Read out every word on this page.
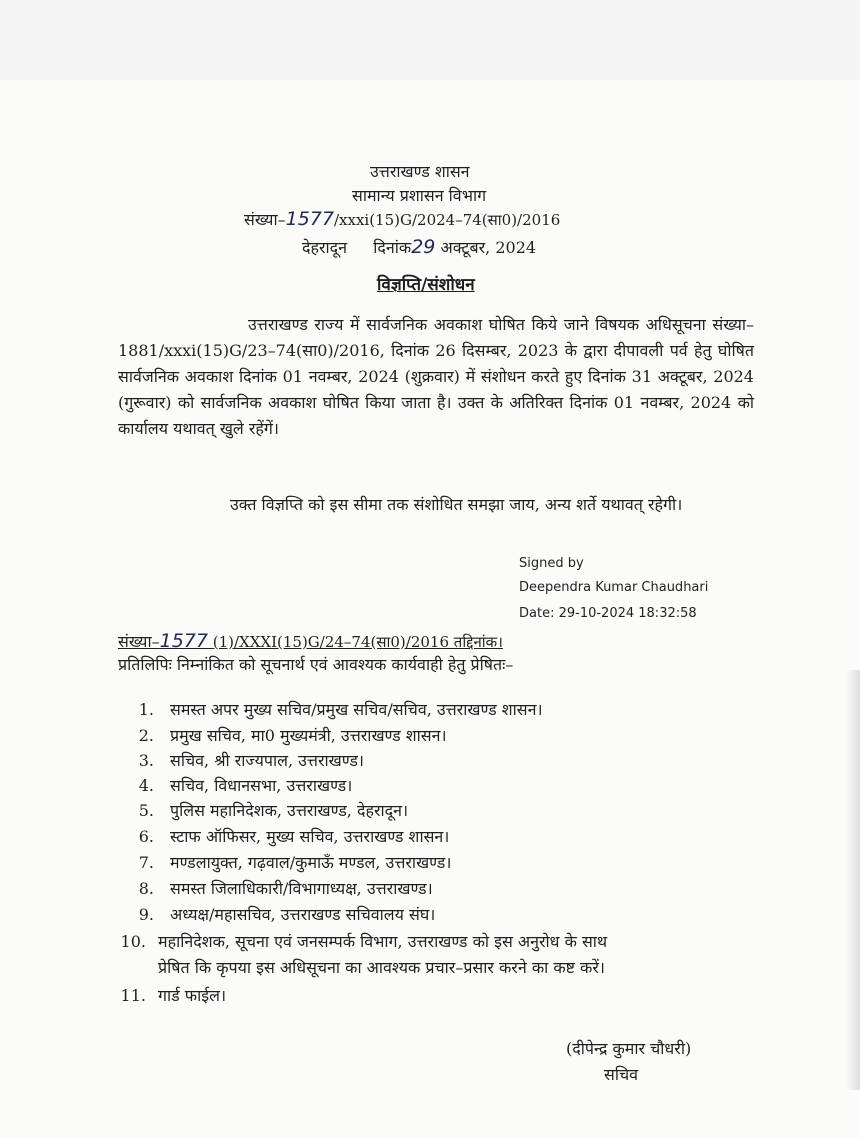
उत्तराखण्ड शासन
सामान्य प्रशासन विभाग
संख्या–1577/xxxi(15)G/2024–74(सा0)/2016
देहरादून दिनांक29 अक्टूबर, 2024
विज्ञप्ति/संशोधन
उत्तराखण्ड राज्य में सार्वजनिक अवकाश घोषित किये जाने विषयक अधिसूचना संख्या–1881/xxxi(15)G/23–74(सा0)/2016, दिनांक 26 दिसम्बर, 2023 के द्वारा दीपावली पर्व हेतु घोषित सार्वजनिक अवकाश दिनांक 01 नवम्बर, 2024 (शुक्रवार) में संशोधन करते हुए दिनांक 31 अक्टूबर, 2024 (गुरूवार) को सार्वजनिक अवकाश घोषित किया जाता है। उक्त के अतिरिक्त दिनांक 01 नवम्बर, 2024 को कार्यालय यथावत् खुले रहेंगें।
उक्त विज्ञप्ति को इस सीमा तक संशोधित समझा जाय, अन्य शर्ते यथावत् रहेगी।
Signed by
Deependra Kumar Chaudhari
Date: 29-10-2024 18:32:58
संख्या–1577 (1)/XXXI(15)G/24–74(सा0)/2016 तद्दिनांक।
प्रतिलिपिः निम्नांकित को सूचनार्थ एवं आवश्यक कार्यवाही हेतु प्रेषितः–
1. समस्त अपर मुख्य सचिव/प्रमुख सचिव/सचिव, उत्तराखण्ड शासन।
2. प्रमुख सचिव, मा0 मुख्यमंत्री, उत्तराखण्ड शासन।
3. सचिव, श्री राज्यपाल, उत्तराखण्ड।
4. सचिव, विधानसभा, उत्तराखण्ड।
5. पुलिस महानिदेशक, उत्तराखण्ड, देहरादून।
6. स्टाफ ऑफिसर, मुख्य सचिव, उत्तराखण्ड शासन।
7. मण्डलायुक्त, गढ़वाल/कुमाऊँ मण्डल, उत्तराखण्ड।
8. समस्त जिलाधिकारी/विभागाध्यक्ष, उत्तराखण्ड।
9. अध्यक्ष/महासचिव, उत्तराखण्ड सचिवालय संघ।
10. महानिदेशक, सूचना एवं जनसम्पर्क विभाग, उत्तराखण्ड को इस अनुरोध के साथ
प्रेषित कि कृपया इस अधिसूचना का आवश्यक प्रचार–प्रसार करने का कष्ट करें।
11. गार्ड फाईल।
(दीपेन्द्र कुमार चौधरी)
सचिव
